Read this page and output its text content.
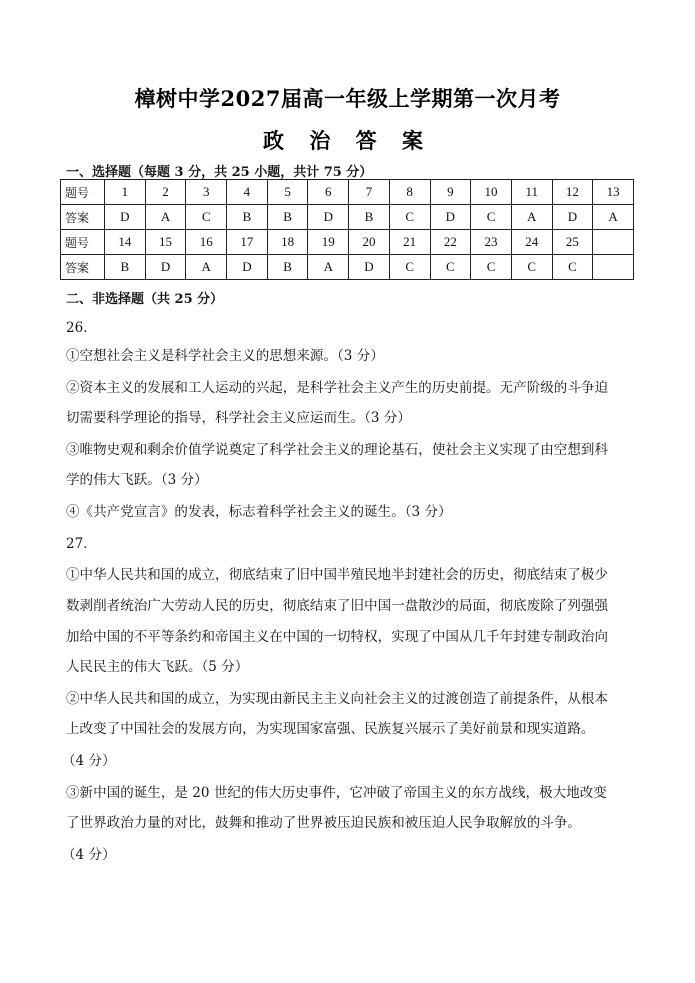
樟树中学2027届高一年级上学期第一次月考
政 治 答 案
一、选择题（每题 3 分，共 25 小题，共计 75 分）
题号	1	2	3	4	5	6	7	8	9	10	11	12	13
答案	D	A	C	B	B	D	B	C	D	C	A	D	A
题号	14	15	16	17	18	19	20	21	22	23	24	25	
答案	B	D	A	D	B	A	D	C	C	C	C	C	
二、非选择题（共 25 分）
26．
①空想社会主义是科学社会主义的思想来源。（3 分）
②资本主义的发展和工人运动的兴起，是科学社会主义产生的历史前提。无产阶级的斗争迫
切需要科学理论的指导，科学社会主义应运而生。（3 分）
③唯物史观和剩余价值学说奠定了科学社会主义的理论基石，使社会主义实现了由空想到科
学的伟大飞跃。（3 分）
④《共产党宣言》的发表，标志着科学社会主义的诞生。（3 分）
27．
①中华人民共和国的成立，彻底结束了旧中国半殖民地半封建社会的历史，彻底结束了极少
数剥削者统治广大劳动人民的历史，彻底结束了旧中国一盘散沙的局面，彻底废除了列强强
加给中国的不平等条约和帝国主义在中国的一切特权，实现了中国从几千年封建专制政治向
人民民主的伟大飞跃。（5 分）
②中华人民共和国的成立，为实现由新民主主义向社会主义的过渡创造了前提条件，从根本
上改变了中国社会的发展方向，为实现国家富强、民族复兴展示了美好前景和现实道路。
（4 分）
③新中国的诞生，是 20 世纪的伟大历史事件，它冲破了帝国主义的东方战线，极大地改变
了世界政治力量的对比，鼓舞和推动了世界被压迫民族和被压迫人民争取解放的斗争。
（4 分）
